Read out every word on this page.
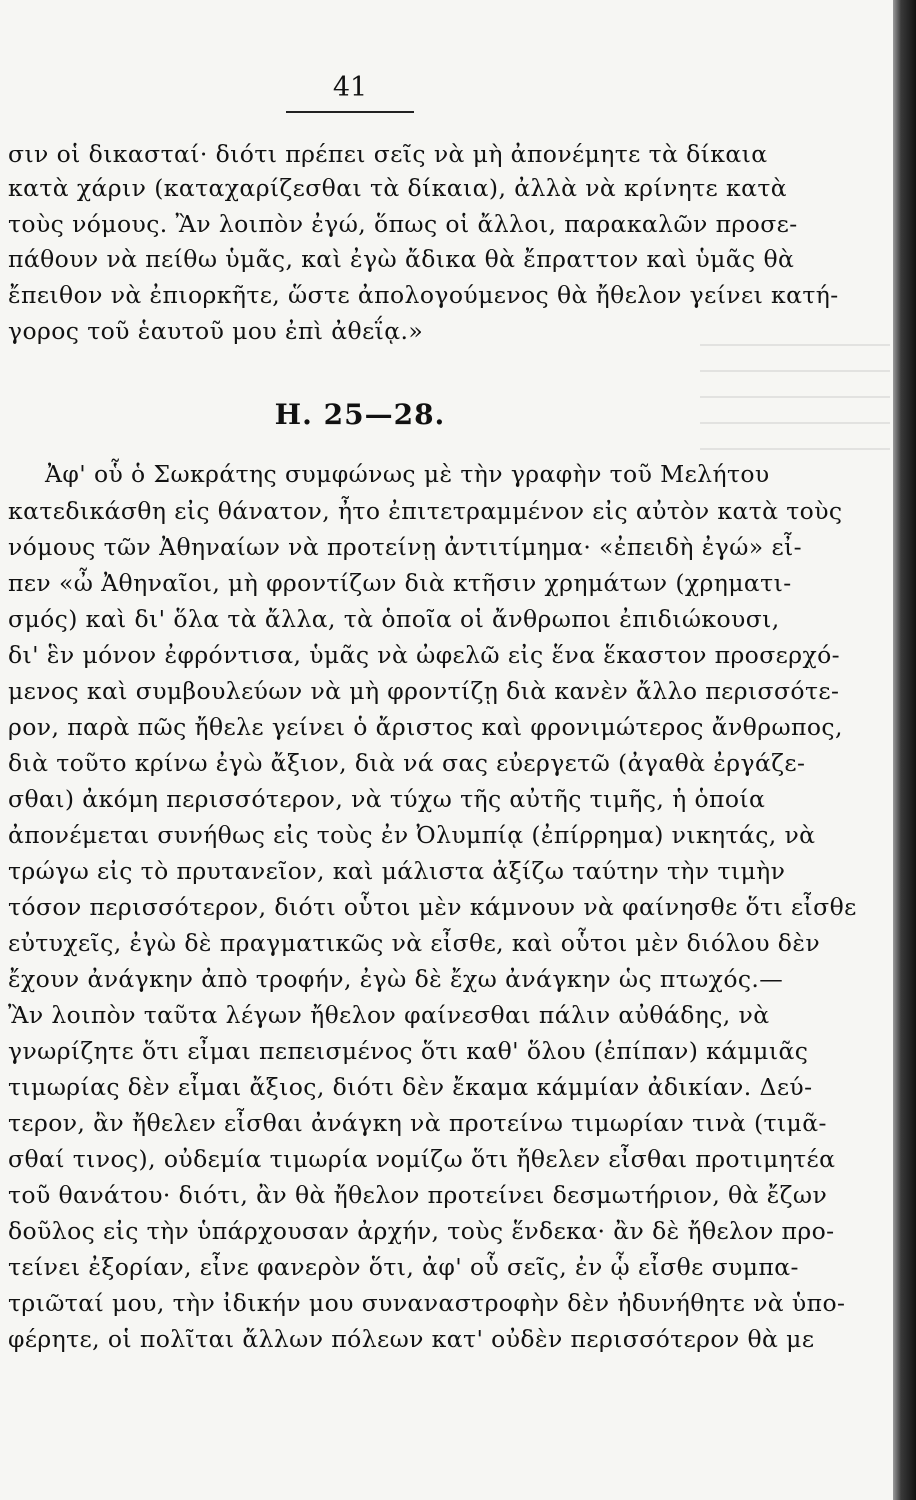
41
σιν οἱ δικασταί· διότι πρέπει σεῖς νὰ μὴ ἀπονέμητε τὰ δίκαια
κατὰ χάριν (καταχαρίζεσθαι τὰ δίκαια), ἀλλὰ νὰ κρίνητε κατὰ
τοὺς νόμους. Ἂν λοιπὸν ἐγώ, ὅπως οἱ ἄλλοι, παρακαλῶν προσε-
πάθουν νὰ πείθω ὑμᾶς, καὶ ἐγὼ ἄδικα θὰ ἔπραττον καὶ ὑμᾶς θὰ
ἔπειθον νὰ ἐπιορκῆτε, ὥστε ἀπολογούμενος θὰ ἤθελον γείνει κατή-
γορος τοῦ ἑαυτοῦ μου ἐπὶ ἀθεΐᾳ.»
Η. 25—28.
Ἀφ' οὗ ὁ Σωκράτης συμφώνως μὲ τὴν γραφὴν τοῦ Μελήτου
κατεδικάσθη εἰς θάνατον, ἦτο ἐπιτετραμμένον εἰς αὐτὸν κατὰ τοὺς
νόμους τῶν Ἀθηναίων νὰ προτείνῃ ἀντιτίμημα· «ἐπειδὴ ἐγώ» εἶ-
πεν «ὦ Ἀθηναῖοι, μὴ φροντίζων διὰ κτῆσιν χρημάτων (χρηματι-
σμός) καὶ δι' ὅλα τὰ ἄλλα, τὰ ὁποῖα οἱ ἄνθρωποι ἐπιδιώκουσι,
δι' ἓν μόνον ἐφρόντισα, ὑμᾶς νὰ ὠφελῶ εἰς ἕνα ἕκαστον προσερχό-
μενος καὶ συμβουλεύων νὰ μὴ φροντίζῃ διὰ κανὲν ἄλλο περισσότε-
ρον, παρὰ πῶς ἤθελε γείνει ὁ ἄριστος καὶ φρονιμώτερος ἄνθρωπος,
διὰ τοῦτο κρίνω ἐγὼ ἄξιον, διὰ νά σας εὐεργετῶ (ἀγαθὰ ἐργάζε-
σθαι) ἀκόμη περισσότερον, νὰ τύχω τῆς αὐτῆς τιμῆς, ἡ ὁποία
ἀπονέμεται συνήθως εἰς τοὺς ἐν Ὀλυμπίᾳ (ἐπίρρημα) νικητάς, νὰ
τρώγω εἰς τὸ πρυτανεῖον, καὶ μάλιστα ἀξίζω ταύτην τὴν τιμὴν
τόσον περισσότερον, διότι οὗτοι μὲν κάμνουν νὰ φαίνησθε ὅτι εἶσθε
εὐτυχεῖς, ἐγὼ δὲ πραγματικῶς νὰ εἶσθε, καὶ οὗτοι μὲν διόλου δὲν
ἔχουν ἀνάγκην ἀπὸ τροφήν, ἐγὼ δὲ ἔχω ἀνάγκην ὡς πτωχός.—
Ἂν λοιπὸν ταῦτα λέγων ἤθελον φαίνεσθαι πάλιν αὐθάδης, νὰ
γνωρίζητε ὅτι εἶμαι πεπεισμένος ὅτι καθ' ὅλου (ἐπίπαν) κάμμιᾶς
τιμωρίας δὲν εἶμαι ἄξιος, διότι δὲν ἔκαμα κάμμίαν ἀδικίαν. Δεύ-
τερον, ἂν ἤθελεν εἶσθαι ἀνάγκη νὰ προτείνω τιμωρίαν τινὰ (τιμᾶ-
σθαί τινος), οὐδεμία τιμωρία νομίζω ὅτι ἤθελεν εἶσθαι προτιμητέα
τοῦ θανάτου· διότι, ἂν θὰ ἤθελον προτείνει δεσμωτήριον, θὰ ἔζων
δοῦλος εἰς τὴν ὑπάρχουσαν ἀρχήν, τοὺς ἕνδεκα· ἂν δὲ ἤθελον προ-
τείνει ἐξορίαν, εἶνε φανερὸν ὅτι, ἀφ' οὗ σεῖς, ἐν ᾧ εἶσθε συμπα-
τριῶταί μου, τὴν ἰδικήν μου συναναστροφὴν δὲν ἠδυνήθητε νὰ ὑπο-
φέρητε, οἱ πολῖται ἄλλων πόλεων κατ' οὐδὲν περισσότερον θὰ με
